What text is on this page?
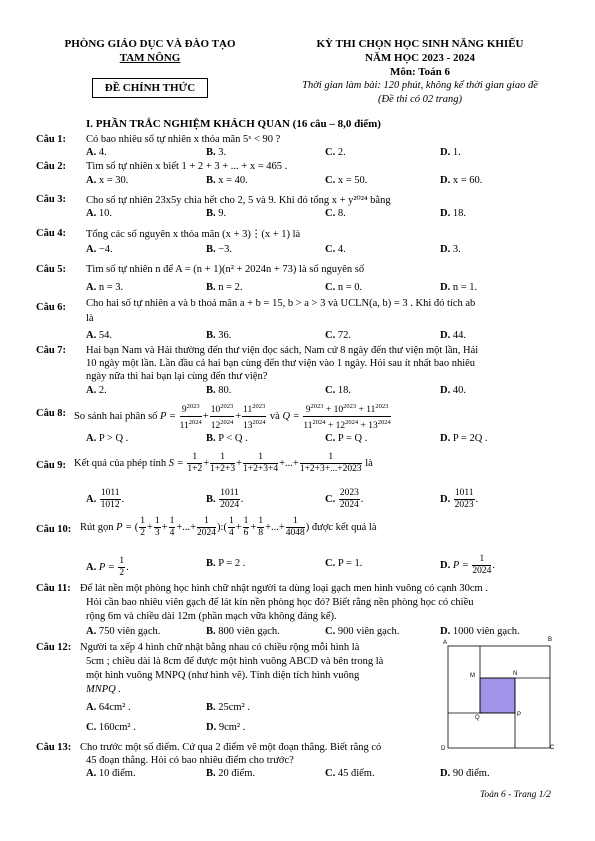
PHÒNG GIÁO DỤC VÀ ĐÀO TẠO
TAM NÔNG
ĐỀ CHÍNH THỨC
KỲ THI CHỌN HỌC SINH NĂNG KHIẾU
NĂM HỌC 2023 - 2024
Môn: Toán 6
Thời gian làm bài: 120 phút, không kể thời gian giao đề
(Đề thi có 02 trang)
I. PHẦN TRẮC NGHIỆM KHÁCH QUAN (16 câu – 8,0 điểm)
Câu 1: Có bao nhiêu số tự nhiên x thỏa mãn 5ˣ < 90 ?
A. 4.	B. 3.	C. 2.	D. 1.
Câu 2: Tìm số tự nhiên x biết 1 + 2 + 3 + ... + x = 465 .
A. x = 30.	B. x = 40.	C. x = 50.	D. x = 60.
Câu 3: Cho số tự nhiên 23x5y chia hết cho 2, 5 và 9. Khi đó tổng x + y²⁰²⁴ bằng
A. 10.	B. 9.	C. 8.	D. 18.
Câu 4: Tổng các số nguyên x thỏa mãn (x + 3)⋮(x + 1) là
A. −4.	B. −3.	C. 4.	D. 3.
Câu 5: Tìm số tự nhiên n để A = (n + 1)(n² + 2024n + 73) là số nguyên số
A. n = 3.	B. n = 2.	C. n = 0.	D. n = 1.
Câu 6: Cho hai số tự nhiên a và b thoả mãn a + b = 15, b > a > 3 và UCLN(a, b) = 3 . Khi đó tích ab
là
A. 54.	B. 36.	C. 72.	D. 44.
Câu 7: Hai bạn Nam và Hải thường đến thư viện đọc sách, Nam cứ 8 ngày đến thư viện một lần, Hải
10 ngày một lần. Lần đầu cả hai bạn cùng đến thư viện vào 1 ngày. Hỏi sau ít nhất bao nhiêu
ngày nữa thì hai bạn lại cùng đến thư viện?
A. 2.	B. 80.	C. 18.	D. 40.
Câu 8: So sánh hai phân số $P = \frac{9^{2023}}{11^{2024}} + \frac{10^{2023}}{12^{2024}} + \frac{11^{2023}}{13^{2024}}$ và $Q = \frac{9^{2023} + 10^{2023} + 11^{2023}}{11^{2024} + 12^{2024} + 13^{2024}}$
A. P > Q .	B. P < Q .	C. P = Q .	D. P = 2Q .
Câu 9: Kết quả của phép tính $S = \frac{1}{1+2} + \frac{1}{1+2+3} + \frac{1}{1+2+3+4}$ +...+ $\frac{1}{1+2+3+...+2023}$ là
A. $\frac{1011}{1012}$ .	B. $\frac{1011}{2024}$ .	C. $\frac{2023}{2024}$ .	D. $\frac{1011}{2023}$ .
Câu 10: Rút gọn P = ( $\frac{1}{2} + \frac{1}{3} + \frac{1}{4}$ +...+ $\frac{1}{2024}$ ):( $\frac{1}{4} + \frac{1}{6} + \frac{1}{8}$ +...+ $\frac{1}{4048}$ ) được kết quả là
A. $P = \frac{1}{2}$ .	B. P = 2 .	C. P = 1.	D. $P = \frac{1}{2024}$ .
Câu 11: Để lát nền một phòng học hình chữ nhật người ta dùng loại gạch men hình vuông có cạnh 30cm .
Hỏi cần bao nhiêu viên gạch để lát kín nền phòng học đó? Biết rằng nền phòng học có chiều
rộng 6m và chiều dài 12m (phần mạch vữa không đáng kể).
A. 750 viên gạch.	B. 800 viên gạch.	C. 900 viên gạch.	D. 1000 viên gạch.
Câu 12: Người ta xếp 4 hình chữ nhật bằng nhau có chiều rộng mỗi hình là
5cm ; chiều dài là 8cm để được một hình vuông ABCD và bên trong là
một hình vuông MNPQ (như hình vẽ). Tính diện tích hình vuông
MNPQ .
A. 64cm² .	B. 25cm² .
C. 160cm² .	D. 9cm² .
A	B
C
D
M	N
P
Q
Câu 13: Cho trước một số điểm. Cứ qua 2 điểm vẽ một đoạn thẳng. Biết rằng có
45 đoạn thẳng. Hỏi có bao nhiêu điểm cho trước?
A. 10 điểm.	B. 20 điểm.	C. 45 điểm.	D. 90 điểm.
Toán 6 - Trang 1/2
